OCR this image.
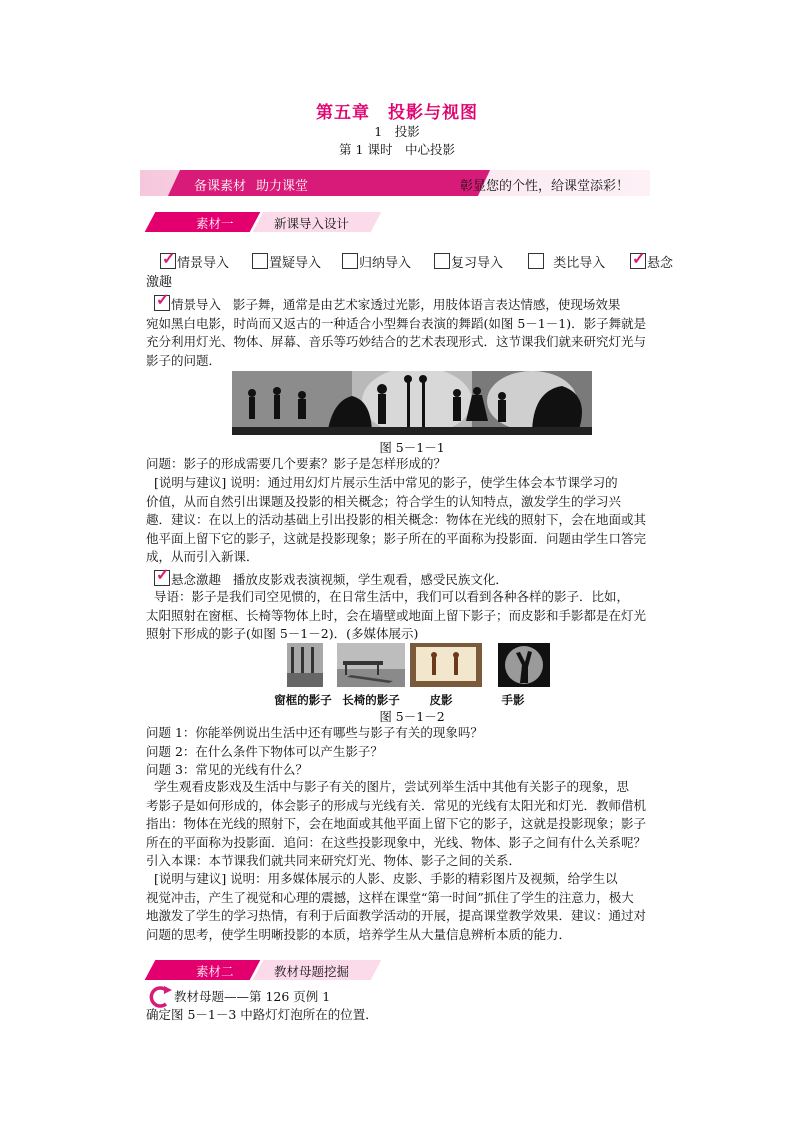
第五章　投影与视图
1　投影
第 1 课时　中心投影
备课素材 助力课堂	彰显您的个性，给课堂添彩！
素材一	新课导入设计
✓ 情景导入	置疑导入	归纳导入	复习导入	类比导入 ✓ 悬念
激趣

✓ 情景导入 影子舞，通常是由艺术家透过光影，用肢体语言表达情感，使现场效果
宛如黑白电影，时尚而又返古的一种适合小型舞台表演的舞蹈(如图 5－1－1)．影子舞就是
充分利用灯光、物体、屏幕、音乐等巧妙结合的艺术表现形式．这节课我们就来研究灯光与
影子的问题．
图 5－1－1
问题：影子的形成需要几个要素？影子是怎样形成的？
[说明与建议] 说明：通过用幻灯片展示生活中常见的影子，使学生体会本节课学习的
价值，从而自然引出课题及投影的相关概念；符合学生的认知特点，激发学生的学习兴
趣．建议：在以上的活动基础上引出投影的相关概念：物体在光线的照射下，会在地面或其
他平面上留下它的影子，这就是投影现象；影子所在的平面称为投影面．问题由学生口答完
成，从而引入新课．

✓ 悬念激趣 播放皮影戏表演视频，学生观看，感受民族文化．
导语：影子是我们司空见惯的，在日常生活中，我们可以看到各种各样的影子．比如，
太阳照射在窗框、长椅等物体上时，会在墙壁或地面上留下影子；而皮影和手影都是在灯光
照射下形成的影子(如图 5－1－2)．(多媒体展示)
窗框的影子 长椅的影子	皮影	手影
图 5－1－2
问题 1：你能举例说出生活中还有哪些与影子有关的现象吗？
问题 2：在什么条件下物体可以产生影子？
问题 3：常见的光线有什么？
学生观看皮影戏及生活中与影子有关的图片，尝试列举生活中其他有关影子的现象，思
考影子是如何形成的，体会影子的形成与光线有关．常见的光线有太阳光和灯光．教师借机
指出：物体在光线的照射下，会在地面或其他平面上留下它的影子，这就是投影现象；影子
所在的平面称为投影面．追问：在这些投影现象中，光线、物体、影子之间有什么关系呢？
引入本课：本节课我们就共同来研究灯光、物体、影子之间的关系．
[说明与建议] 说明：用多媒体展示的人影、皮影、手影的精彩图片及视频，给学生以
视觉冲击，产生了视觉和心理的震撼，这样在课堂“第一时间”抓住了学生的注意力，极大
地激发了学生的学习热情，有利于后面教学活动的开展，提高课堂教学效果．建议：通过对
问题的思考，使学生明晰投影的本质，培养学生从大量信息辨析本质的能力．
素材二	教材母题挖掘
教材母题——第 126 页例 1
确定图 5－1－3 中路灯灯泡所在的位置．
